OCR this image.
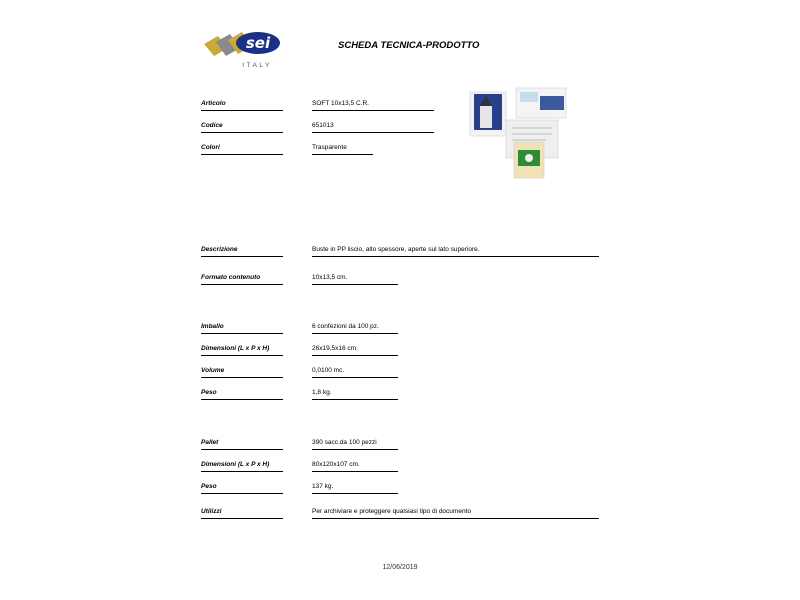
sei
ITALY
SCHEDA TECNICA-PRODOTTO
Articolo	SOFT 10x13,5 C.R.
Codice	651013
Colori	Trasparente
Descrizione	Buste in PP liscio, alto spessore, aperte sul lato superiore.
Formato contenuto	10x13,5 cm.
Imballo	6 confezioni da 100 pz.
Dimensioni (L x P x H)	26x19,5x16 cm.
Volume	0,0100 mc.
Peso	1,8 kg.
Pallet	390 sacc.da 100 pezzi
Dimensioni (L x P x H)	80x120x107 cm.
Peso	137 kg.
Utilizzi	Per archiviare e proteggere qualsiasi tipo di documento
12/06/2019
